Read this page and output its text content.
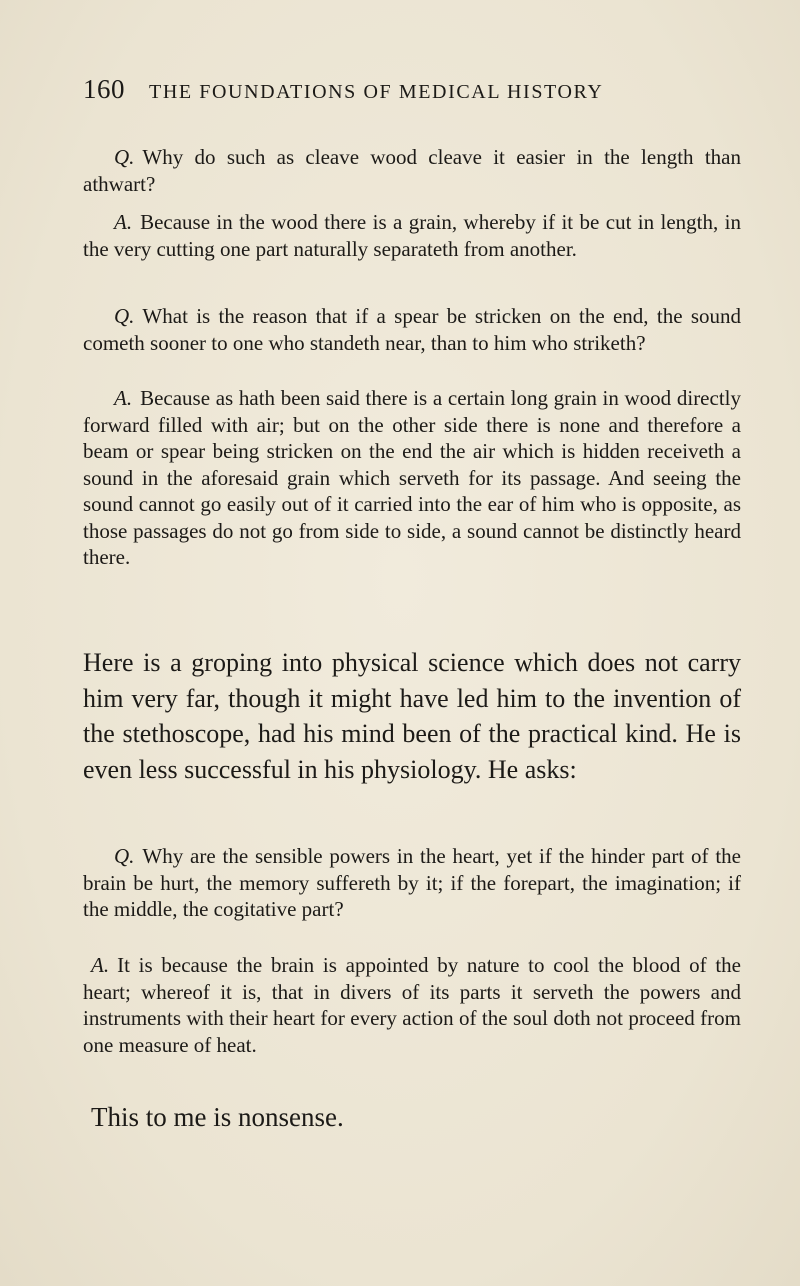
160 THE FOUNDATIONS OF MEDICAL HISTORY

Q. Why do such as cleave wood cleave it easier in the length than athwart?

A. Because in the wood there is a grain, whereby if it be cut in length, in the very cutting one part naturally separateth from another.

Q. What is the reason that if a spear be stricken on the end, the sound cometh sooner to one who standeth near, than to him who striketh?

A. Because as hath been said there is a certain long grain in wood directly forward filled with air; but on the other side there is none and therefore a beam or spear being stricken on the end the air which is hidden receiveth a sound in the aforesaid grain which serveth for its passage. And seeing the sound cannot go easily out of it carried into the ear of him who is opposite, as those passages do not go from side to side, a sound cannot be distinctly heard there.

Here is a groping into physical science which does not carry him very far, though it might have led him to the invention of the stethoscope, had his mind been of the practical kind. He is even less successful in his physiology. He asks:

Q. Why are the sensible powers in the heart, yet if the hinder part of the brain be hurt, the memory suffereth by it; if the forepart, the imagination; if the middle, the cogitative part?

A. It is because the brain is appointed by nature to cool the blood of the heart; whereof it is, that in divers of its parts it serveth the powers and instruments with their heart for every action of the soul doth not proceed from one measure of heat.

This to me is nonsense.
